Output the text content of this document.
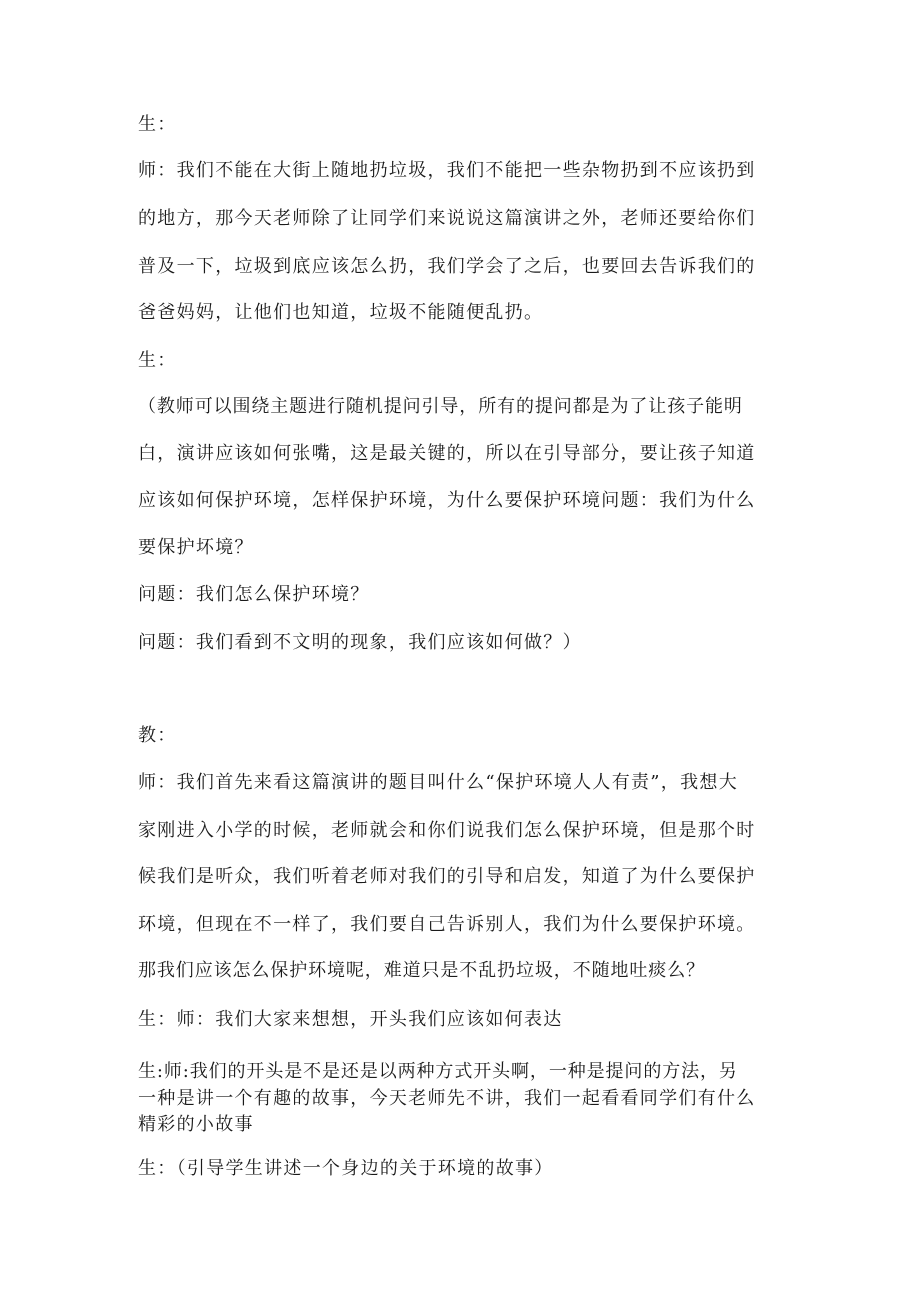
生：
师：我们不能在大街上随地扔垃圾，我们不能把一些杂物扔到不应该扔到
的地方，那今天老师除了让同学们来说说这篇演讲之外，老师还要给你们
普及一下，垃圾到底应该怎么扔，我们学会了之后，也要回去告诉我们的
爸爸妈妈，让他们也知道，垃圾不能随便乱扔。
生：
（教师可以围绕主题进行随机提问引导，所有的提问都是为了让孩子能明
白，演讲应该如何张嘴，这是最关键的，所以在引导部分，要让孩子知道
应该如何保护环境，怎样保护环境，为什么要保护环境问题：我们为什么
要保护坏境？
问题：我们怎么保护环境？
问题：我们看到不文明的现象，我们应该如何做？）
教：
师：我们首先来看这篇演讲的题目叫什么“保护环境人人有责”，我想大
家刚进入小学的时候，老师就会和你们说我们怎么保护环境，但是那个时
候我们是听众，我们听着老师对我们的引导和启发，知道了为什么要保护
环境，但现在不一样了，我们要自己告诉别人，我们为什么要保护环境。
那我们应该怎么保护环境呢，难道只是不乱扔垃圾，不随地吐痰么？
生：师：我们大家来想想，开头我们应该如何表达
生:师:我们的开头是不是还是以两种方式开头啊，一种是提问的方法，另
一种是讲一个有趣的故事，今天老师先不讲，我们一起看看同学们有什么
精彩的小故事
生：（引导学生讲述一个身边的关于环境的故事）
